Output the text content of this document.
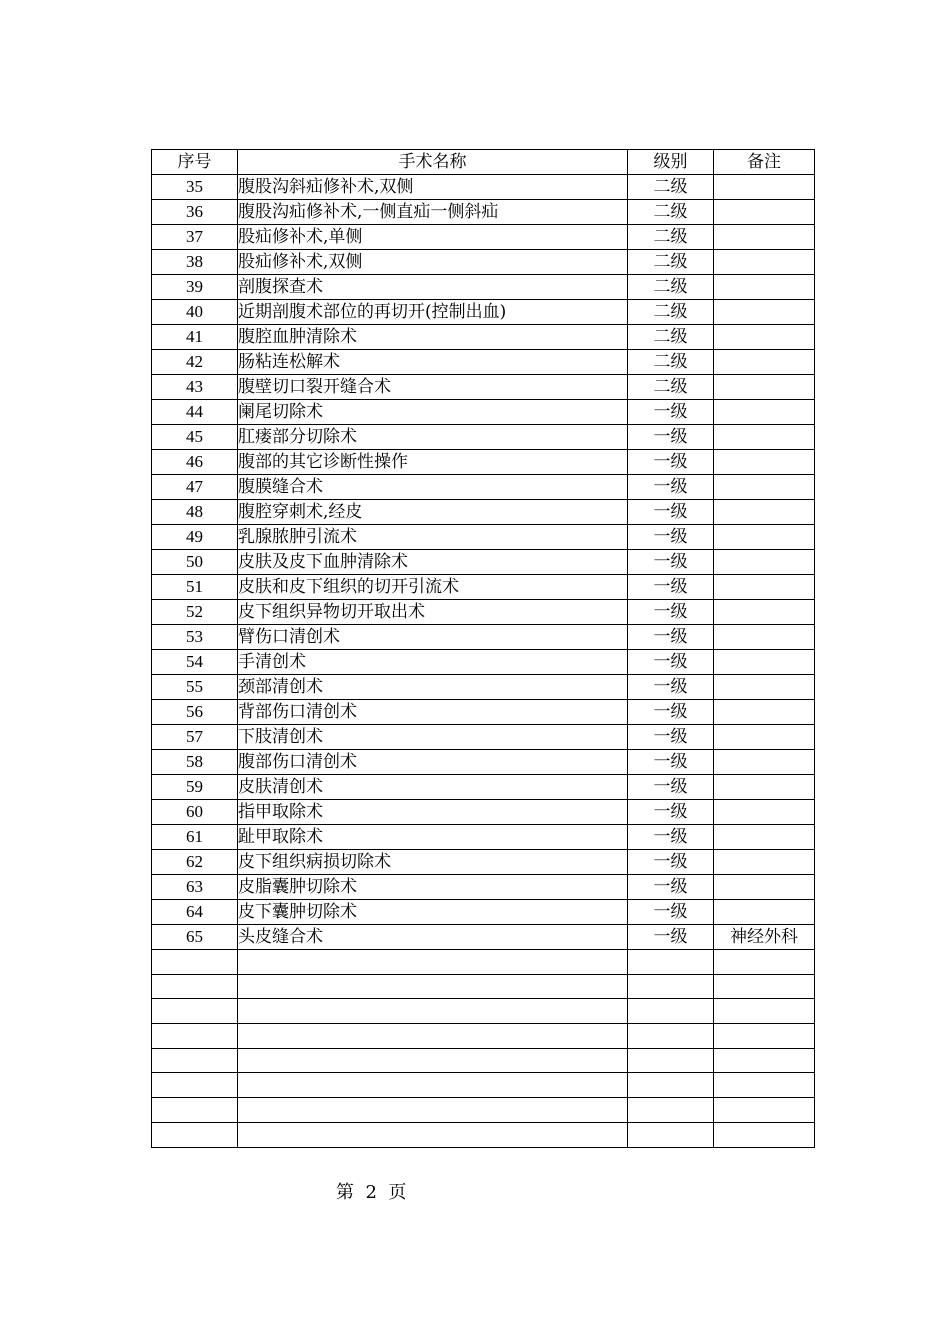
序号	手术名称	级别	备注
35	腹股沟斜疝修补术,双侧	二级	
36	腹股沟疝修补术,一侧直疝一侧斜疝	二级	
37	股疝修补术,单侧	二级	
38	股疝修补术,双侧	二级	
39	剖腹探查术	二级	
40	近期剖腹术部位的再切开(控制出血)	二级	
41	腹腔血肿清除术	二级	
42	肠粘连松解术	二级	
43	腹壁切口裂开缝合术	二级	
44	阑尾切除术	一级	
45	肛瘘部分切除术	一级	
46	腹部的其它诊断性操作	一级	
47	腹膜缝合术	一级	
48	腹腔穿刺术,经皮	一级	
49	乳腺脓肿引流术	一级	
50	皮肤及皮下血肿清除术	一级	
51	皮肤和皮下组织的切开引流术	一级	
52	皮下组织异物切开取出术	一级	
53	臂伤口清创术	一级	
54	手清创术	一级	
55	颈部清创术	一级	
56	背部伤口清创术	一级	
57	下肢清创术	一级	
58	腹部伤口清创术	一级	
59	皮肤清创术	一级	
60	指甲取除术	一级	
61	趾甲取除术	一级	
62	皮下组织病损切除术	一级	
63	皮脂囊肿切除术	一级	
64	皮下囊肿切除术	一级	
65	头皮缝合术	一级	神经外科

第  2  页
